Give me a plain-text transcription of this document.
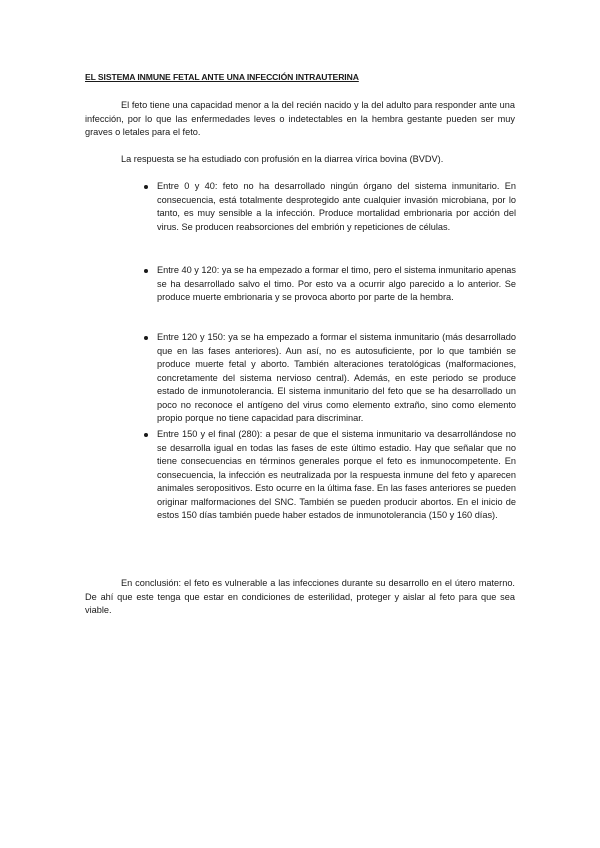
EL SISTEMA INMUNE FETAL ANTE UNA INFECCIÓN INTRAUTERINA

El feto tiene una capacidad menor a la del recién nacido y la del adulto para responder ante una infección, por lo que las enfermedades leves o indetectables en la hembra gestante pueden ser muy graves o letales para el feto.

La respuesta se ha estudiado con profusión en la diarrea vírica bovina (BVDV).

Entre 0 y 40: feto no ha desarrollado ningún órgano del sistema inmunitario. En consecuencia, está totalmente desprotegido ante cualquier invasión microbiana, por lo tanto, es muy sensible a la infección. Produce mortalidad embrionaria por acción del virus. Se producen reabsorciones del embrión y repeticiones de células.
Entre 40 y 120: ya se ha empezado a formar el timo, pero el sistema inmunitario apenas se ha desarrollado salvo el timo. Por esto va a ocurrir algo parecido a lo anterior. Se produce muerte embrionaria y se provoca aborto por parte de la hembra.
Entre 120 y 150: ya se ha empezado a formar el sistema inmunitario (más desarrollado que en las fases anteriores). Aun así, no es autosuficiente, por lo que también se produce muerte fetal y aborto. También alteraciones teratológicas (malformaciones, concretamente del sistema nervioso central). Además, en este periodo se produce estado de inmunotolerancia. El sistema inmunitario del feto que se ha desarrollado un poco no reconoce el antígeno del virus como elemento extraño, sino como elemento propio porque no tiene capacidad para discriminar.
Entre 150 y el final (280): a pesar de que el sistema inmunitario va desarrollándose no se desarrolla igual en todas las fases de este último estadio. Hay que señalar que no tiene consecuencias en términos generales porque el feto es inmunocompetente. En consecuencia, la infección es neutralizada por la respuesta inmune del feto y aparecen animales seropositivos. Esto ocurre en la última fase. En las fases anteriores se pueden originar malformaciones del SNC. También se pueden producir abortos. En el inicio de estos 150 días también puede haber estados de inmunotolerancia (150 y 160 días).

En conclusión: el feto es vulnerable a las infecciones durante su desarrollo en el útero materno. De ahí que este tenga que estar en condiciones de esterilidad, proteger y aislar al feto para que sea viable.
